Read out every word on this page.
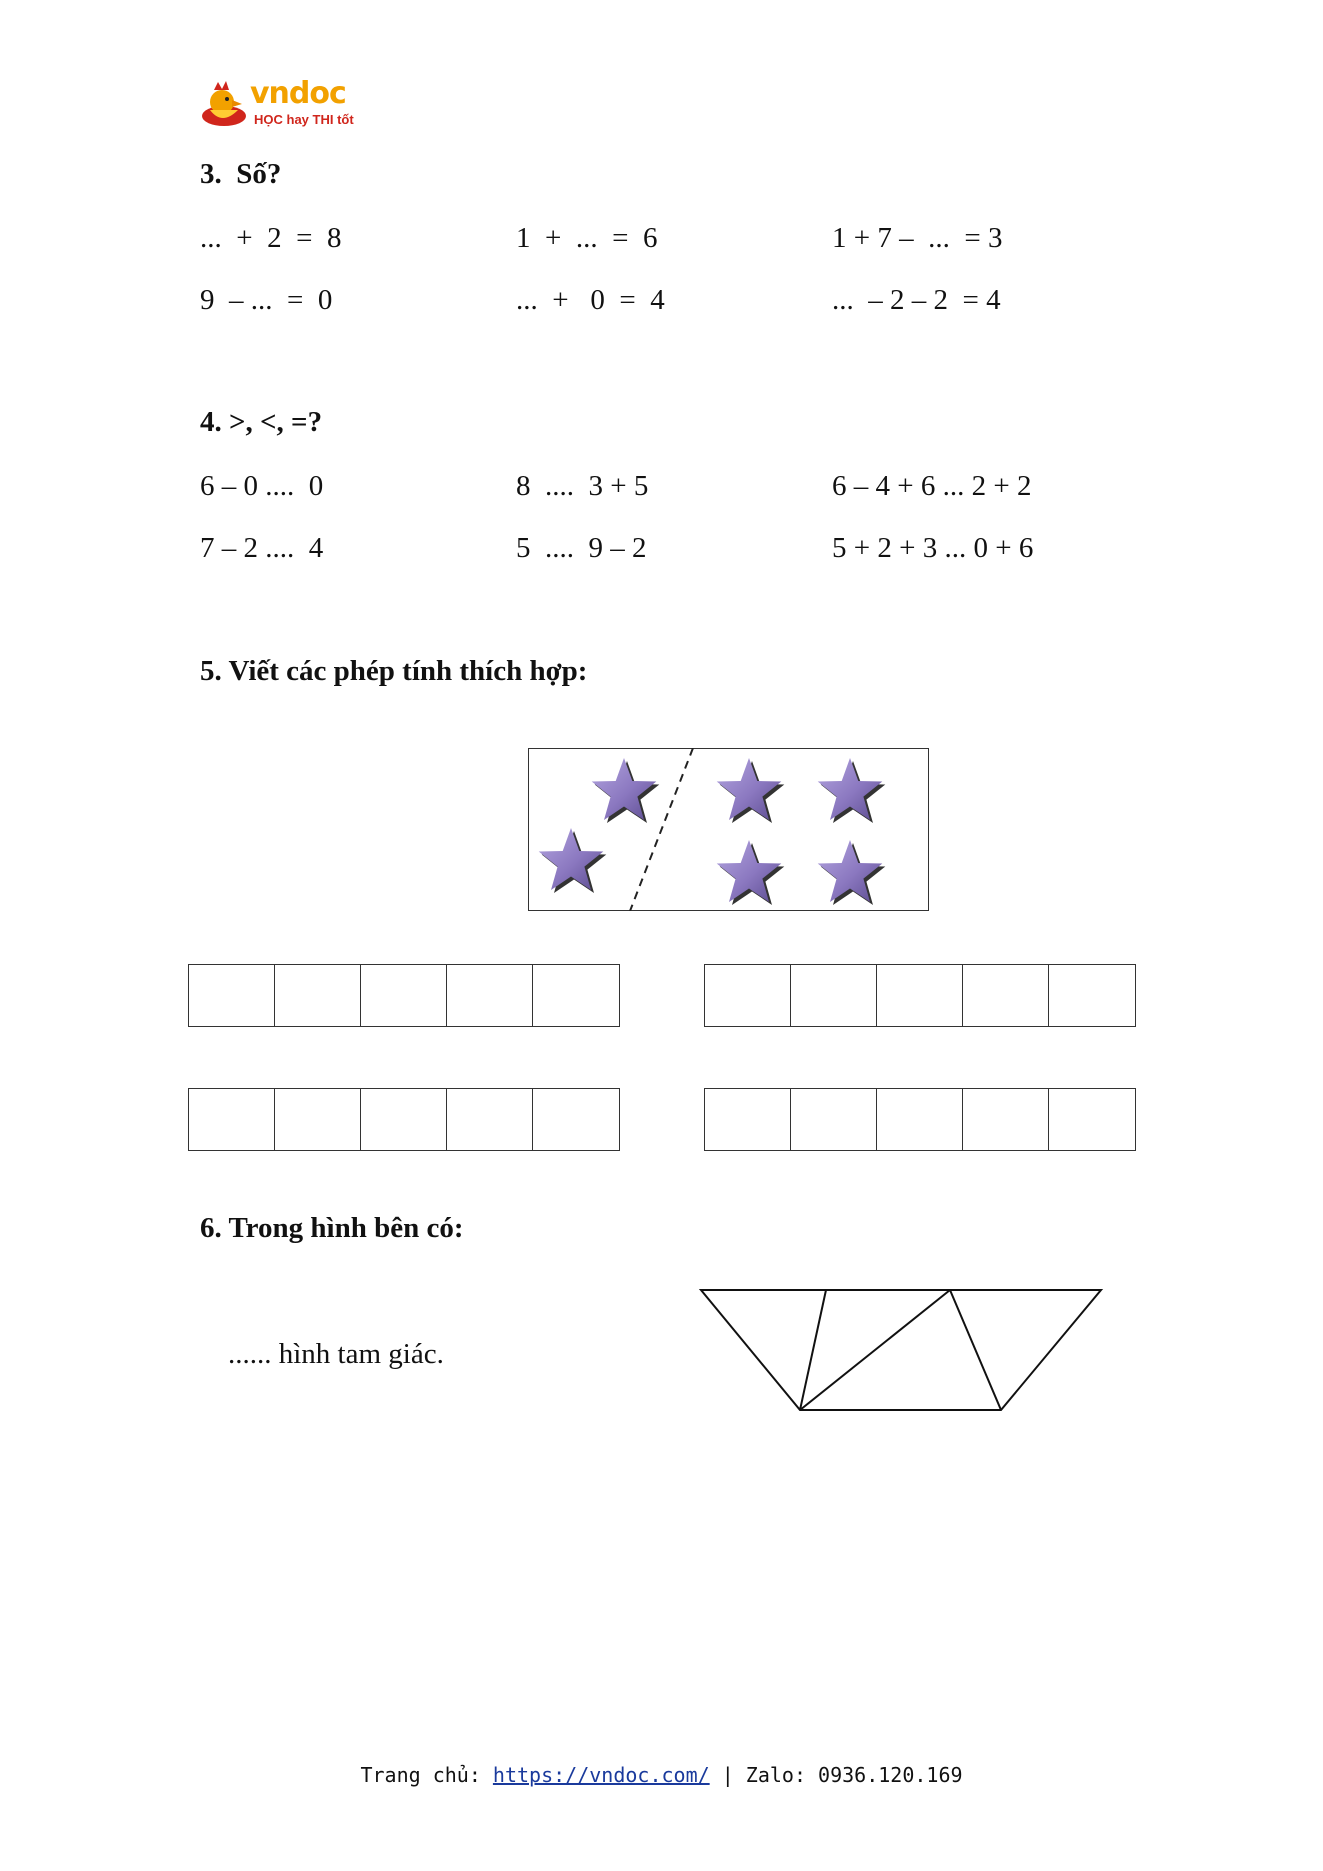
vndoc
HỌC hay THI tốt
3.  Số?
...  +  2  =  8	1  +  ...  =  6	1 + 7 –  ...  = 3
9  – ...  =  0	...  +   0  =  4	...  – 2 – 2  = 4
4. >, <, =?
6 – 0 ....  0	8  ....  3 + 5	6 – 4 + 6 ... 2 + 2
7 – 2 ....  4	5  ....  9 – 2	5 + 2 + 3 ... 0 + 6
5. Viết các phép tính thích hợp:
6. Trong hình bên có:
...... hình tam giác.
Trang chủ: https://vndoc.com/ | Zalo: 0936.120.169
